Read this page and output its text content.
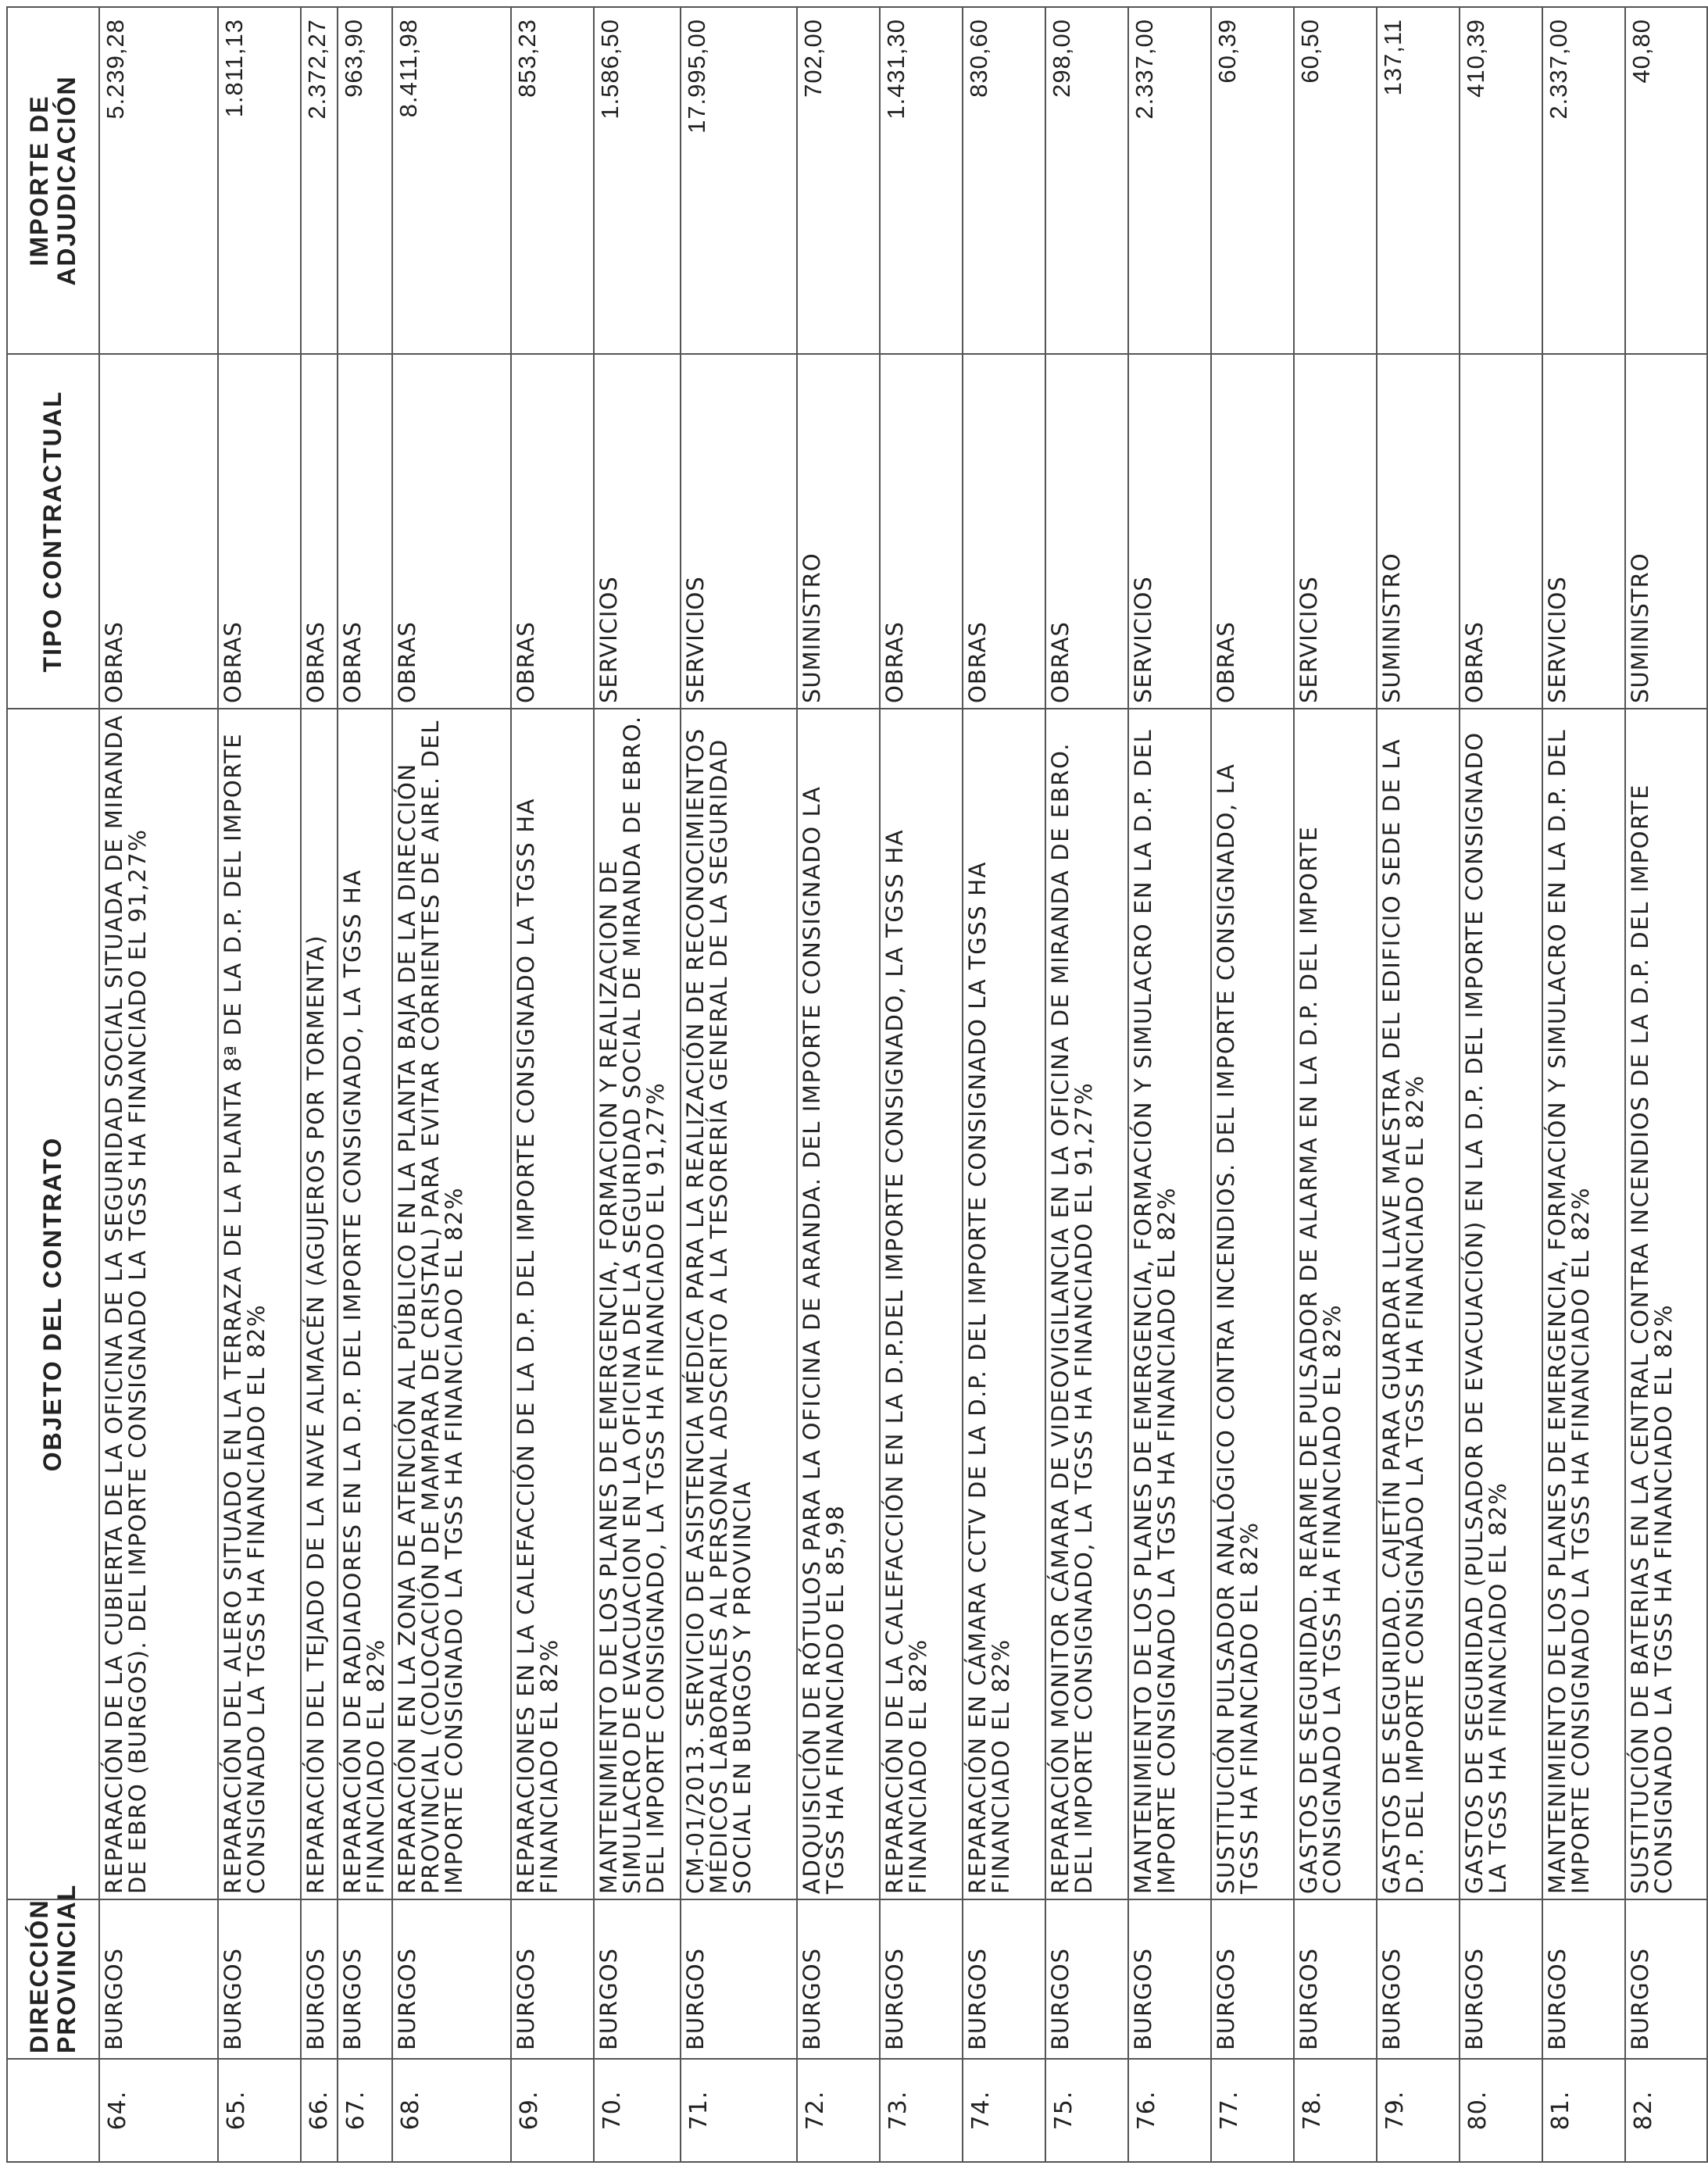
	DIRECCIÓN PROVINCIAL	OBJETO DEL CONTRATO	TIPO CONTRACTUAL	IMPORTE DE ADJUDICACIÓN
64.	BURGOS	REPARACIÓN DE LA CUBIERTA DE LA OFICINA DE LA SEGURIDAD SOCIAL SITUADA DE MIRANDA DE EBRO (BURGOS). DEL IMPORTE CONSIGNADO LA TGSS HA FINANCIADO EL 91,27%	OBRAS	5.239,28
65.	BURGOS	REPARACIÓN DEL ALERO SITUADO EN LA TERRAZA DE LA PLANTA 8ª DE LA D.P. DEL IMPORTE CONSIGNADO LA TGSS HA FINANCIADO EL 82%	OBRAS	1.811,13
66.	BURGOS	REPARACIÓN DEL TEJADO DE LA NAVE ALMACÉN (AGUJEROS POR TORMENTA)	OBRAS	2.372,27
67.	BURGOS	REPARACIÓN DE RADIADORES EN LA D.P. DEL IMPORTE CONSIGNADO, LA TGSS HA FINANCIADO EL 82%	OBRAS	963,90
68.	BURGOS	REPARACIÓN EN LA ZONA DE ATENCIÓN AL PÚBLICO EN LA PLANTA BAJA DE LA DIRECCIÓN PROVINCIAL (COLOCACIÓN DE MAMPARA DE CRISTAL) PARA EVITAR CORRIENTES DE AIRE. DEL IMPORTE CONSIGNADO LA TGSS HA FINANCIADO EL 82%	OBRAS	8.411,98
69.	BURGOS	REPARACIONES EN LA CALEFACCIÓN DE LA D.P. DEL IMPORTE CONSIGNADO LA TGSS HA FINANCIADO EL 82%	OBRAS	853,23
70.	BURGOS	MANTENIMIENTO DE LOS PLANES DE EMERGENCIA, FORMACION Y REALIZACION DE SIMULACRO DE EVACUACION EN LA OFICINA DE LA SEGURIDAD SOCIAL DE MIRANDA DE EBRO. DEL IMPORTE CONSIGNADO, LA TGSS HA FINANCIADO EL 91,27%	SERVICIOS	1.586,50
71.	BURGOS	CM-01/2013. SERVICIO DE ASISTENCIA MÉDICA PARA LA REALIZACIÓN DE RECONOCIMIENTOS MÉDICOS LABORALES AL PERSONAL ADSCRITO A LA TESORERÍA GENERAL DE LA SEGURIDAD SOCIAL EN BURGOS Y PROVINCIA	SERVICIOS	17.995,00
72.	BURGOS	ADQUISICIÓN DE RÓTULOS PARA LA OFICINA DE ARANDA. DEL IMPORTE CONSIGNADO LA TGSS HA FINANCIADO EL 85,98	SUMINISTRO	702,00
73.	BURGOS	REPARACIÓN DE LA CALEFACCIÓN EN LA D.P.DEL IMPORTE CONSIGNADO, LA TGSS HA FINANCIADO EL 82%	OBRAS	1.431,30
74.	BURGOS	REPARACIÓN EN CÁMARA CCTV DE LA D.P. DEL IMPORTE CONSIGNADO LA TGSS HA FINANCIADO EL 82%	OBRAS	830,60
75.	BURGOS	REPARACIÓN MONITOR CÁMARA DE VIDEOVIGILANCIA EN LA OFICINA DE MIRANDA DE EBRO. DEL IMPORTE CONSIGNADO, LA TGSS HA FINANCIADO EL 91,27%	OBRAS	298,00
76.	BURGOS	MANTENIMIENTO DE LOS PLANES DE EMERGENCIA, FORMACIÓN Y SIMULACRO EN LA D.P. DEL IMPORTE CONSIGNADO LA TGSS HA FINANCIADO EL 82%	SERVICIOS	2.337,00
77.	BURGOS	SUSTITUCIÓN PULSADOR ANALÓGICO CONTRA INCENDIOS. DEL IMPORTE CONSIGNADO, LA TGSS HA FINANCIADO EL 82%	OBRAS	60,39
78.	BURGOS	GASTOS DE SEGURIDAD. REARME DE PULSADOR DE ALARMA EN LA D.P. DEL IMPORTE CONSIGNADO LA TGSS HA FINANCIADO EL 82%	SERVICIOS	60,50
79.	BURGOS	GASTOS DE SEGURIDAD. CAJETÍN PARA GUARDAR LLAVE MAESTRA DEL EDIFICIO SEDE DE LA D.P. DEL IMPORTE CONSIGNADO LA TGSS HA FINANCIADO EL 82%	SUMINISTRO	137,11
80.	BURGOS	GASTOS DE SEGURIDAD (PULSADOR DE EVACUACIÓN) EN LA D.P. DEL IMPORTE CONSIGNADO LA TGSS HA FINANCIADO EL 82%	OBRAS	410,39
81.	BURGOS	MANTENIMIENTO DE LOS PLANES DE EMERGENCIA, FORMACIÓN Y SIMULACRO EN LA D.P. DEL IMPORTE CONSIGNADO LA TGSS HA FINANCIADO EL 82%	SERVICIOS	2.337,00
82.	BURGOS	SUSTITUCIÓN DE BATERIAS EN LA CENTRAL CONTRA INCENDIOS DE LA D.P. DEL IMPORTE CONSIGNADO LA TGSS HA FINANCIADO EL 82%	SUMINISTRO	40,80
